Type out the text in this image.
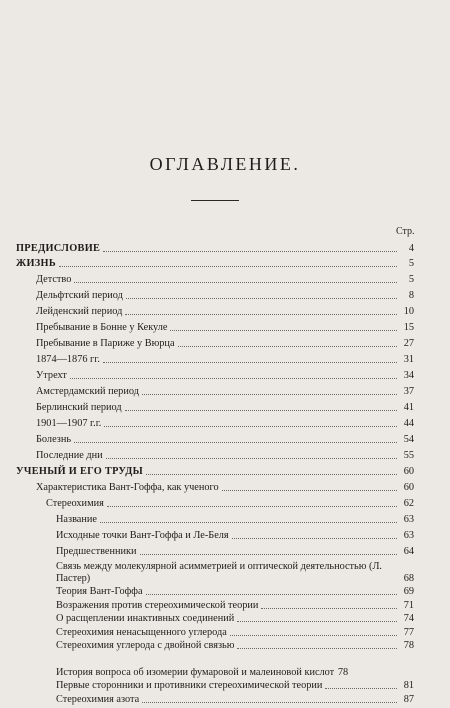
ОГЛАВЛЕНИЕ.
Стр.
ПРЕДИСЛОВИЕ	4
ЖИЗНЬ	5
Детство	5
Дельфтский период	8
Лейденский период	10
Пребывание в Бонне у Кекуле	15
Пребывание в Париже у Вюрца	27
1874—1876 гг.	31
Утрехт	34
Амстердамский период	37
Берлинский период	41
1901—1907 г.г.	44
Болезнь	54
Последние дни	55
УЧЕНЫЙ И ЕГО ТРУДЫ	60
Характеристика Вант-Гоффа, как ученого	60
Стереохимия	62
Название	63
Исходные точки Вант-Гоффа и Ле-Беля	63
Предшественники	64
Связь между молекулярной асимметрией и оптической деятельностью (Л. Пастер)	68
Теория Вант-Гоффа	69
Возражения против стереохимической теории	71
О расщеплении инактивных соединений	74
Стереохимия ненасыщенного углерода	77
Стереохимия углерода с двойной связью	78
История вопроса об изомерии фумаровой и малеиновой кислот 78
Первые сторонники и противники стереохимической теории	81
Стереохимия азота	87
